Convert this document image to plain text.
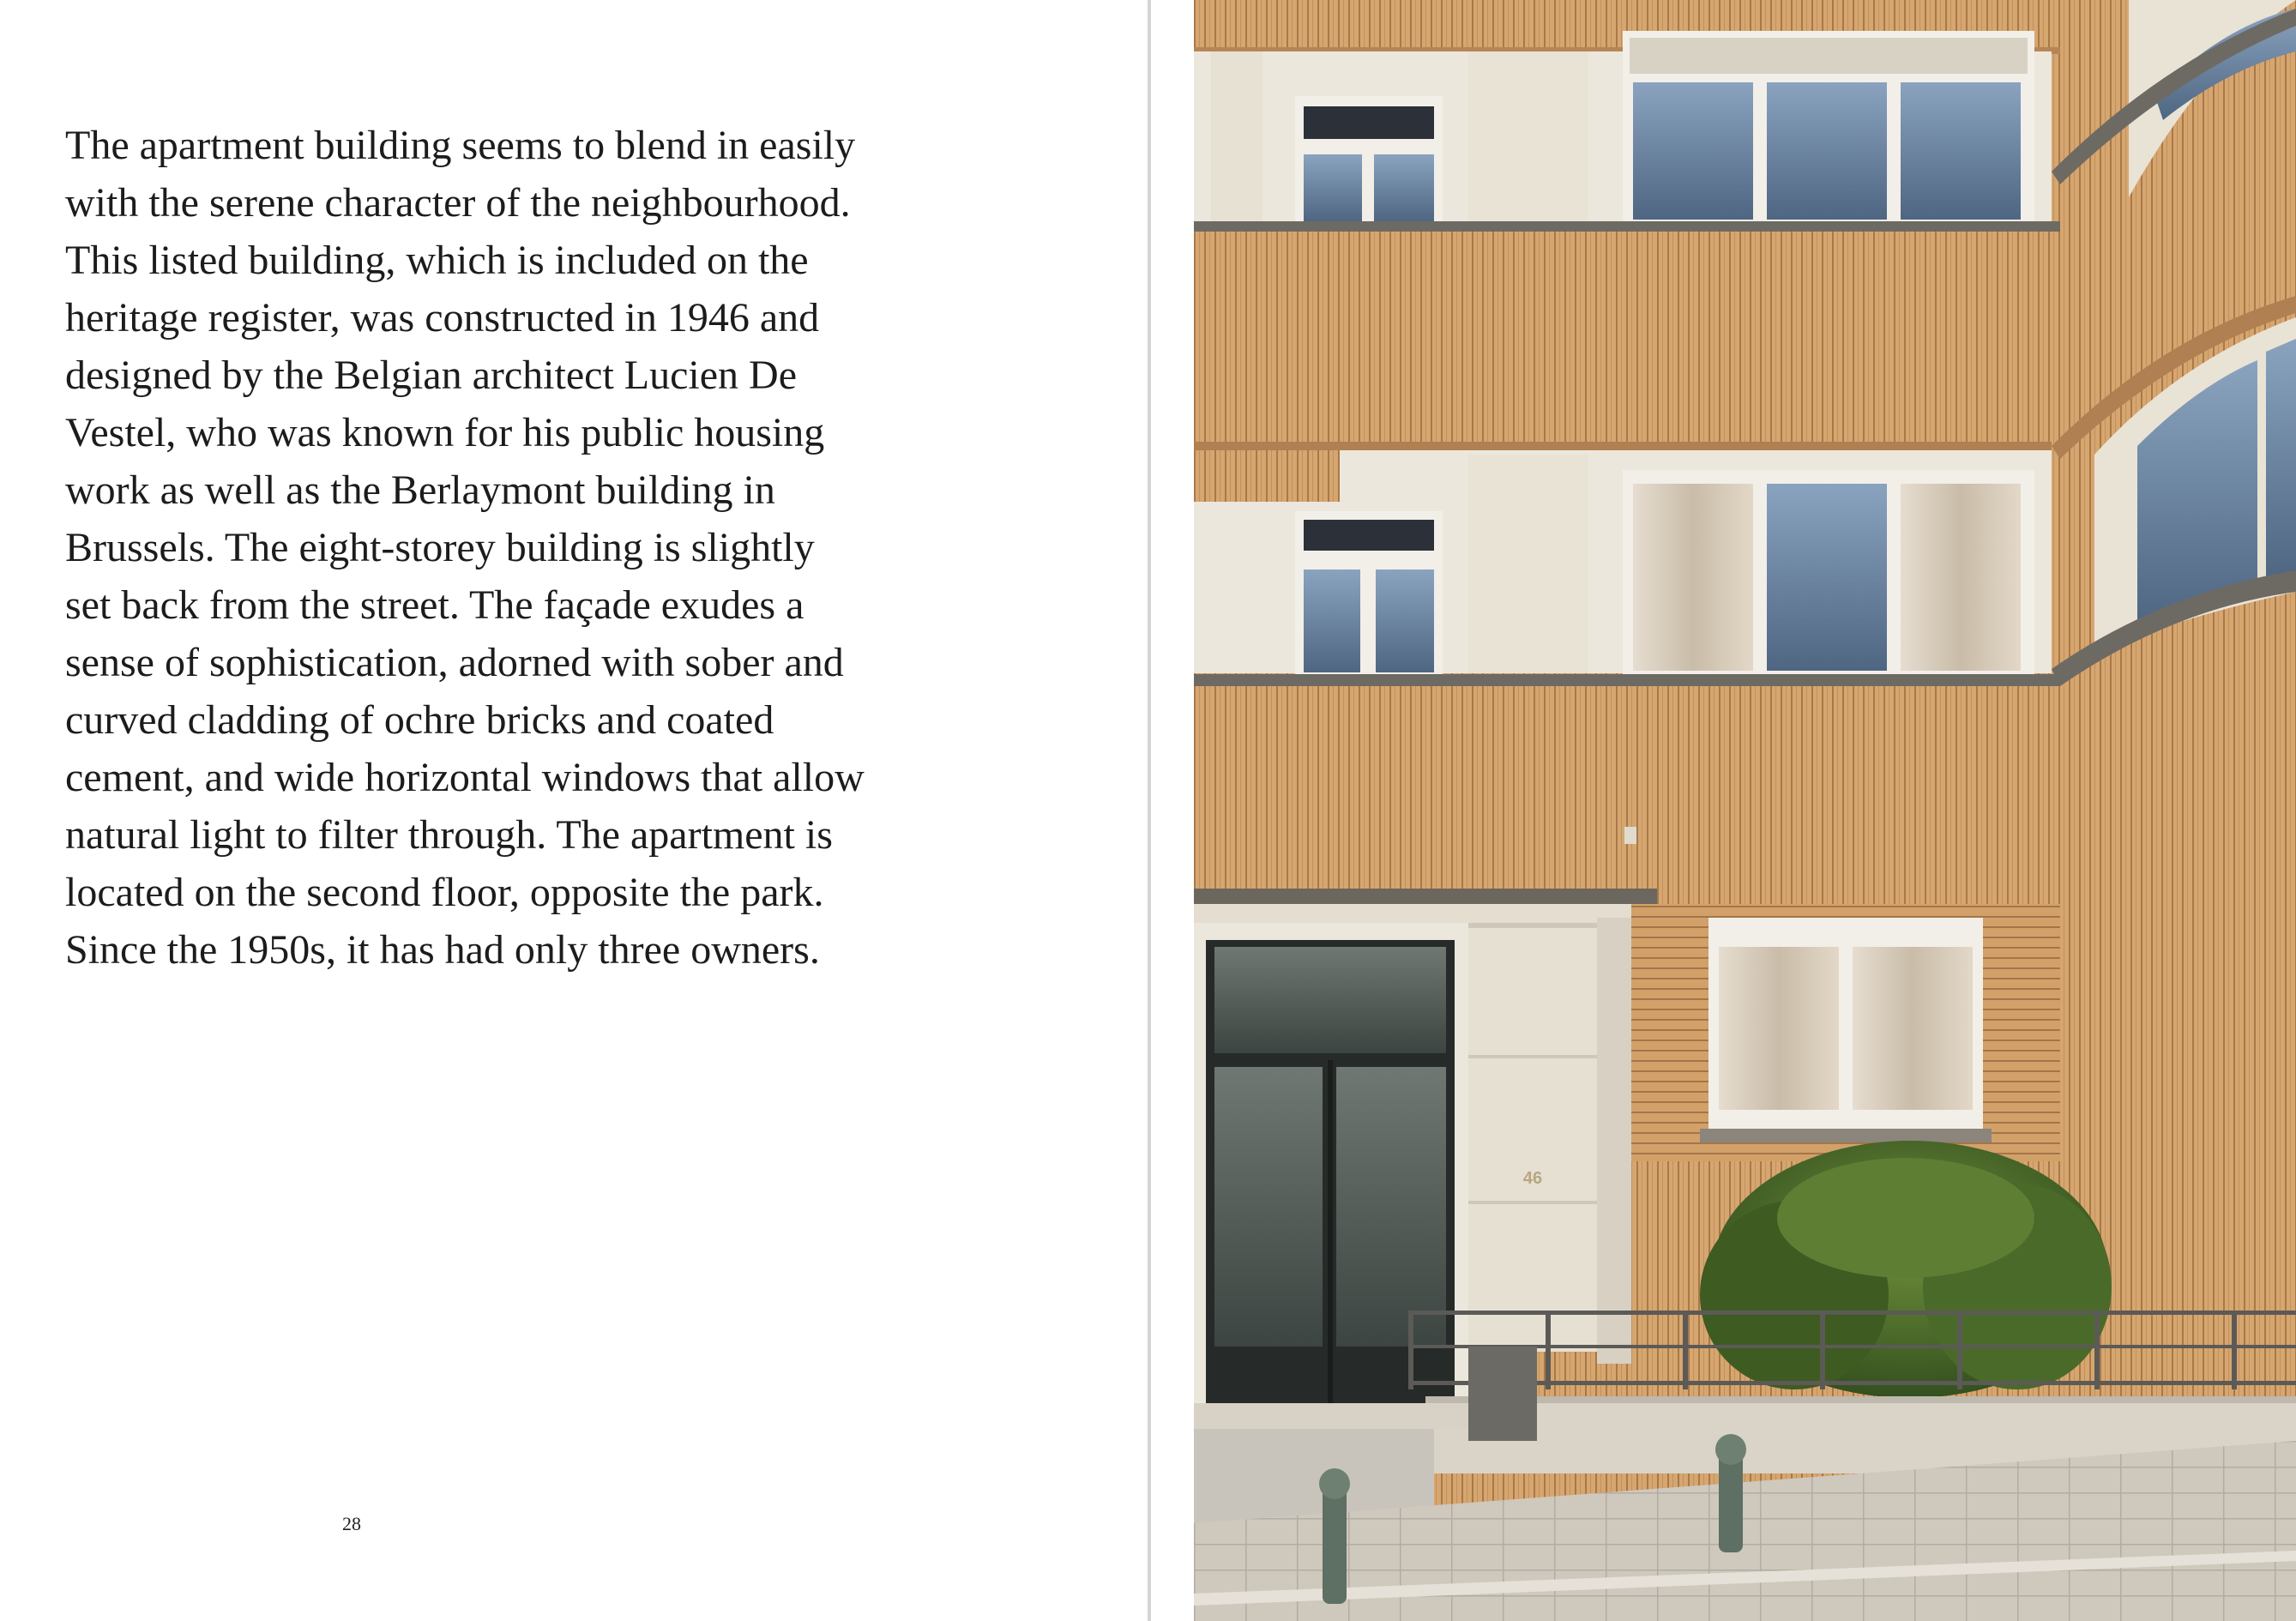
The apartment building seems to blend in easily
with the serene character of the neighbourhood.
This listed building, which is included on the
heritage register, was constructed in 1946 and
designed by the Belgian architect Lucien De
Vestel, who was known for his public housing
work as well as the Berlaymont building in
Brussels. The eight-storey building is slightly
set back from the street. The façade exudes a
sense of sophistication, adorned with sober and
curved cladding of ochre bricks and coated
cement, and wide horizontal windows that allow
natural light to filter through. The apartment is
located on the second floor, opposite the park.
Since the 1950s, it has had only three owners.
28
46
